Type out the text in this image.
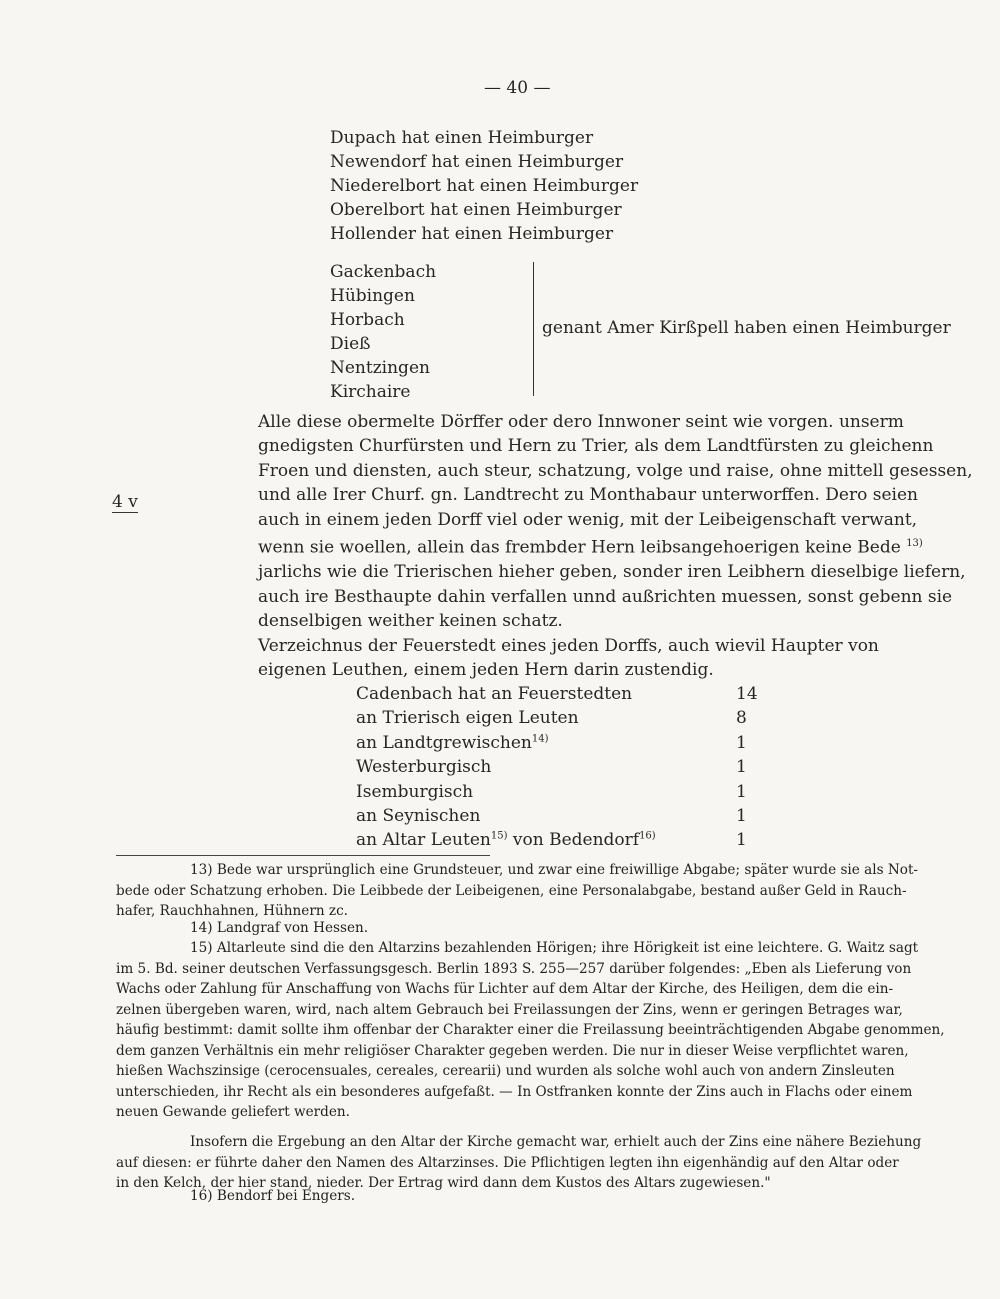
— 40 —
Dupach hat einen Heimburger
Newendorf hat einen Heimburger
Niederelbort hat einen Heimburger
Oberelbort hat einen Heimburger
Hollender hat einen Heimburger
Gackenbach
Hübingen
Horbach
Dieß
Nentzingen
Kirchaire
genant Amer Kirßpell haben einen Heimburger
4 v
Alle diese obermelte Dörffer oder dero Innwoner seint wie vorgen. unserm
gnedigsten Churfürsten und Hern zu Trier, als dem Landtfürsten zu gleichenn
Froen und diensten, auch steur, schatzung, volge und raise, ohne mittell gesessen,
und alle Irer Churf. gn. Landtrecht zu Monthabaur unterworffen. Dero seien
auch in einem jeden Dorff viel oder wenig, mit der Leibeigenschaft verwant,
wenn sie woellen, allein das frembder Hern leibsangehoerigen keine Bede $^{13)}$
jarlichs wie die Trierischen hieher geben, sonder iren Leibhern dieselbige liefern,
auch ire Besthaupte dahin verfallen unnd außrichten muessen, sonst gebenn sie
denselbigen weither keinen schatz.
Verzeichnus der Feuerstedt eines jeden Dorffs, auch wievil Haupter von
eigenen Leuthen, einem jeden Hern darin zustendig.
Cadenbach hat an Feuerstedten	14
an Trierisch eigen Leuten	8
an Landtgrewischen$^{14)}$	1
Westerburgisch	1
Isemburgisch	1
an Seynischen	1
an Altar Leuten$^{15)}$ von Bedendorf$^{16)}$	1
13) Bede war ursprünglich eine Grundsteuer, und zwar eine freiwillige Abgabe; später wurde sie als Not-
bede oder Schatzung erhoben. Die Leibbede der Leibeigenen, eine Personalabgabe, bestand außer Geld in Rauch-
hafer, Rauchhahnen, Hühnern zc.
14) Landgraf von Hessen.
15) Altarleute sind die den Altarzins bezahlenden Hörigen; ihre Hörigkeit ist eine leichtere. G. Waitz sagt
im 5. Bd. seiner deutschen Verfassungsgesch. Berlin 1893 S. 255—257 darüber folgendes: „Eben als Lieferung von
Wachs oder Zahlung für Anschaffung von Wachs für Lichter auf dem Altar der Kirche, des Heiligen, dem die ein-
zelnen übergeben waren, wird, nach altem Gebrauch bei Freilassungen der Zins, wenn er geringen Betrages war,
häufig bestimmt: damit sollte ihm offenbar der Charakter einer die Freilassung beeinträchtigenden Abgabe genommen,
dem ganzen Verhältnis ein mehr religiöser Charakter gegeben werden. Die nur in dieser Weise verpflichtet waren,
hießen Wachszinsige (cerocensuales, cereales, cerearii) und wurden als solche wohl auch von andern Zinsleuten
unterschieden, ihr Recht als ein besonderes aufgefaßt. — In Ostfranken konnte der Zins auch in Flachs oder einem
neuen Gewande geliefert werden.
Insofern die Ergebung an den Altar der Kirche gemacht war, erhielt auch der Zins eine nähere Beziehung
auf diesen: er führte daher den Namen des Altarzinses. Die Pflichtigen legten ihn eigenhändig auf den Altar oder
in den Kelch, der hier stand, nieder. Der Ertrag wird dann dem Kustos des Altars zugewiesen."
16) Bendorf bei Engers.
